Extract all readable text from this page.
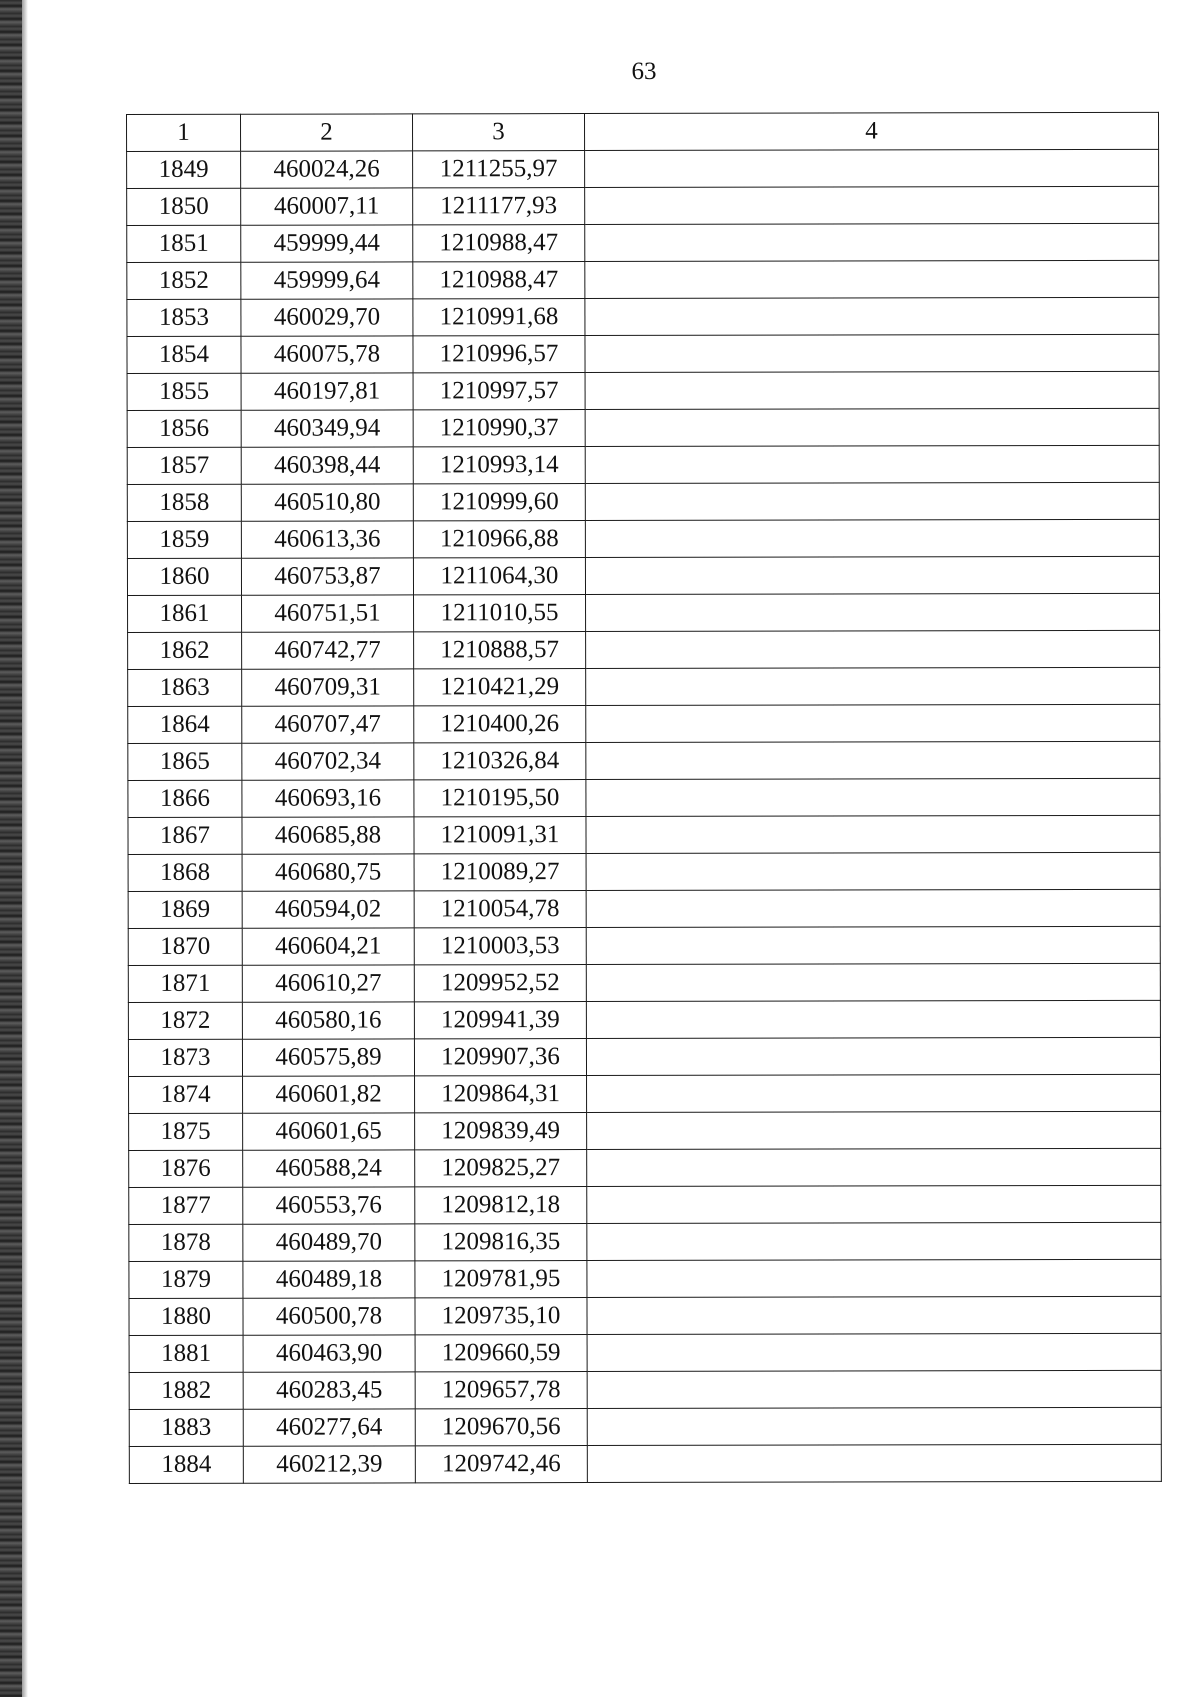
63
1	2	3	4
1849	460024,26	1211255,97	
1850	460007,11	1211177,93	
1851	459999,44	1210988,47	
1852	459999,64	1210988,47	
1853	460029,70	1210991,68	
1854	460075,78	1210996,57	
1855	460197,81	1210997,57	
1856	460349,94	1210990,37	
1857	460398,44	1210993,14	
1858	460510,80	1210999,60	
1859	460613,36	1210966,88	
1860	460753,87	1211064,30	
1861	460751,51	1211010,55	
1862	460742,77	1210888,57	
1863	460709,31	1210421,29	
1864	460707,47	1210400,26	
1865	460702,34	1210326,84	
1866	460693,16	1210195,50	
1867	460685,88	1210091,31	
1868	460680,75	1210089,27	
1869	460594,02	1210054,78	
1870	460604,21	1210003,53	
1871	460610,27	1209952,52	
1872	460580,16	1209941,39	
1873	460575,89	1209907,36	
1874	460601,82	1209864,31	
1875	460601,65	1209839,49	
1876	460588,24	1209825,27	
1877	460553,76	1209812,18	
1878	460489,70	1209816,35	
1879	460489,18	1209781,95	
1880	460500,78	1209735,10	
1881	460463,90	1209660,59	
1882	460283,45	1209657,78	
1883	460277,64	1209670,56	
1884	460212,39	1209742,46	
